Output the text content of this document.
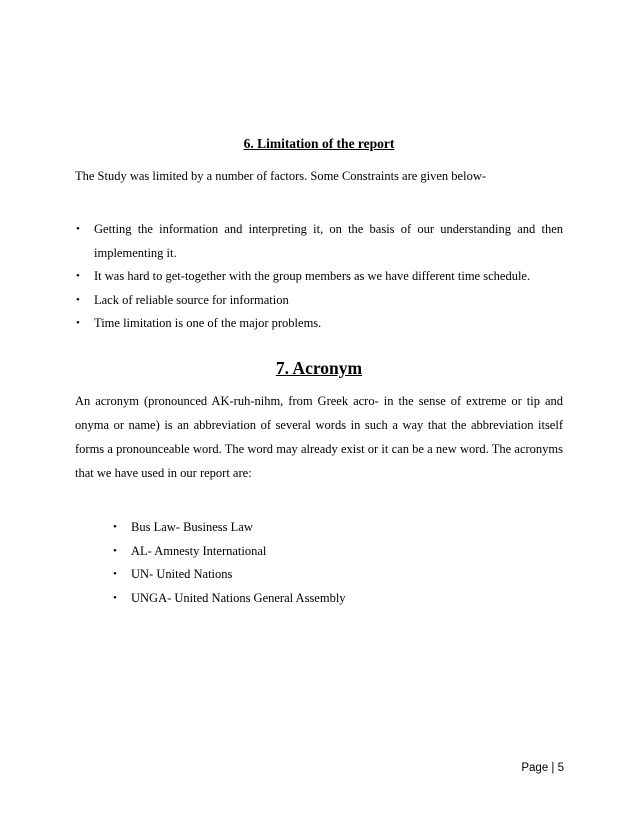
6. Limitation of the report
The Study was limited by a number of factors. Some Constraints are given below-
• Getting the information and interpreting it, on the basis of our understanding and then implementing it.
• It was hard to get-together with the group members as we have different time schedule.
• Lack of reliable source for information
• Time limitation is one of the major problems.
7. Acronym
An acronym (pronounced AK-ruh-nihm, from Greek acro- in the sense of extreme or tip and onyma or name) is an abbreviation of several words in such a way that the abbreviation itself forms a pronounceable word. The word may already exist or it can be a new word. The acronyms that we have used in our report are:
• Bus Law- Business Law
• AL- Amnesty International
• UN- United Nations
• UNGA- United Nations General Assembly
Page | 5
